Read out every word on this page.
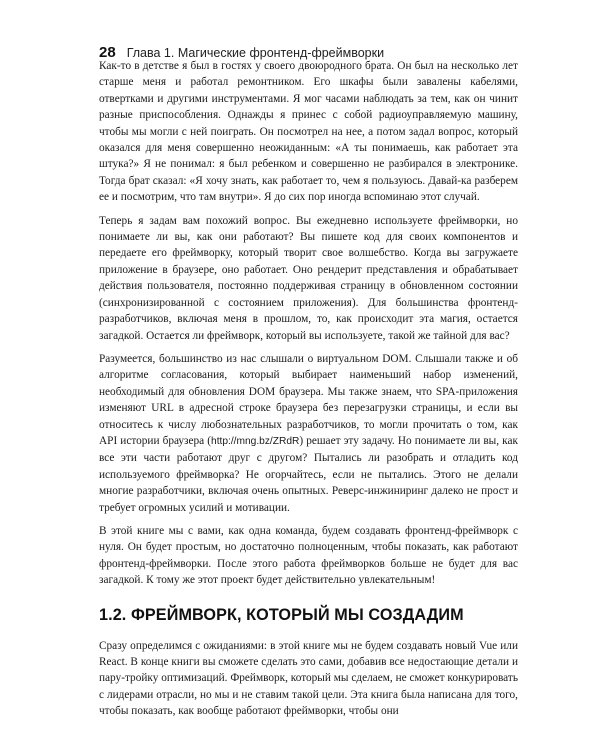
28 Глава 1. Магические фронтенд-фреймворки

Как-то в детстве я был в гостях у своего двоюродного брата. Он был на несколько лет старше меня и работал ремонтником. Его шкафы были завалены кабелями, отвертками и другими инструментами. Я мог часами наблюдать за тем, как он чинит разные приспособления. Однажды я принес с собой радиоуправляемую машину, чтобы мы могли с ней поиграть. Он посмотрел на нее, а потом задал вопрос, который оказался для меня совершенно неожиданным: «А ты понимаешь, как работает эта штука?» Я не понимал: я был ребенком и совершенно не разбирался в электронике. Тогда брат сказал: «Я хочу знать, как работает то, чем я пользуюсь. Давай-ка разберем ее и посмотрим, что там внутри». Я до сих пор иногда вспоминаю этот случай.

Теперь я задам вам похожий вопрос. Вы ежедневно используете фреймворки, но понимаете ли вы, как они работают? Вы пишете код для своих компонентов и передаете его фреймворку, который творит свое волшебство. Когда вы загружаете приложение в браузере, оно работает. Оно рендерит представления и обрабатывает действия пользователя, постоянно поддерживая страницу в обновленном состоянии (синхронизированной с состоянием приложения). Для большинства фронтенд-разработчиков, включая меня в прошлом, то, как происходит эта магия, остается загадкой. Остается ли фреймворк, который вы используете, такой же тайной для вас?

Разумеется, большинство из нас слышали о виртуальном DOM. Слышали также и об алгоритме согласования, который выбирает наименьший набор изменений, необходимый для обновления DOM браузера. Мы также знаем, что SPA-приложения изменяют URL в адресной строке браузера без перезагрузки страницы, и если вы относитесь к числу любознательных разработчиков, то могли прочитать о том, как API истории браузера (http://mng.bz/ZRdR) решает эту задачу. Но понимаете ли вы, как все эти части работают друг с другом? Пытались ли разобрать и отладить код используемого фреймворка? Не огорчайтесь, если не пытались. Этого не делали многие разработчики, включая очень опытных. Реверс-инжиниринг далеко не прост и требует огромных усилий и мотивации.

В этой книге мы с вами, как одна команда, будем создавать фронтенд-фреймворк с нуля. Он будет простым, но достаточно полноценным, чтобы показать, как работают фронтенд-фреймворки. После этого работа фреймворков больше не будет для вас загадкой. К тому же этот проект будет действительно увлекательным!

1.2. ФРЕЙМВОРК, КОТОРЫЙ МЫ СОЗДАДИМ

Сразу определимся с ожиданиями: в этой книге мы не будем создавать новый Vue или React. В конце книги вы сможете сделать это сами, добавив все недостающие детали и пару-тройку оптимизаций. Фреймворк, который мы сделаем, не сможет конкурировать с лидерами отрасли, но мы и не ставим такой цели. Эта книга была написана для того, чтобы показать, как вообще работают фреймворки, чтобы они
